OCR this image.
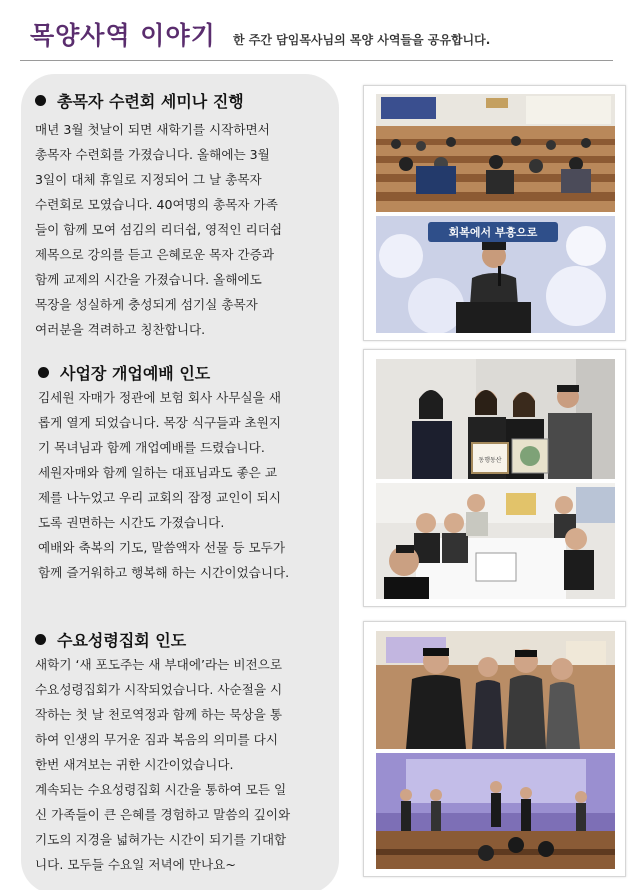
목양사역 이야기 한 주간 담임목사님의 목양 사역들을 공유합니다.
총목자 수련회 세미나 진행

매년 3월 첫날이 되면 새학기를 시작하면서

총목자 수련회를 가졌습니다. 올해에는 3월

3일이 대체 휴일로 지정되어 그 날 총목자

수련회로 모였습니다. 40여명의 총목자 가족

들이 함께 모여 섬김의 리더쉽, 영적인 리더쉽

제목으로 강의를 듣고 은혜로운 목자 간증과

함께 교제의 시간을 가졌습니다. 올해에도

목장을 성실하게 충성되게 섬기실 총목자

여러분을 격려하고 칭찬합니다.

사업장 개업예배 인도

김세원 자매가 정관에 보험 회사 사무실을 새

롭게 열게 되었습니다. 목장 식구들과 초원지

기 목녀님과 함께 개업예배를 드렸습니다.

세원자매와 함께 일하는 대표님과도 좋은 교

제를 나누었고 우리 교회의 잠정 교인이 되시

도록 권면하는 시간도 가졌습니다.

예배와 축복의 기도, 말씀액자 선물 등 모두가

함께 즐거워하고 행복해 하는 시간이었습니다.

수요성령집회 인도

새학기 ‘새 포도주는 새 부대에’라는 비전으로

수요성령집회가 시작되었습니다. 사순절을 시

작하는 첫 날 천로역정과 함께 하는 묵상을 통

하여 인생의 무거운 짐과 복음의 의미를 다시

한번 새겨보는 귀한 시간이었습니다.

계속되는 수요성령집회 시간을 통하여 모든 일

신 가족들이 큰 은혜를 경험하고 말씀의 깊이와

기도의 지경을 넓혀가는 시간이 되기를 기대합

니다. 모두들 수요일 저녁에 만나요~

회복에서 부흥으로
동행동산
